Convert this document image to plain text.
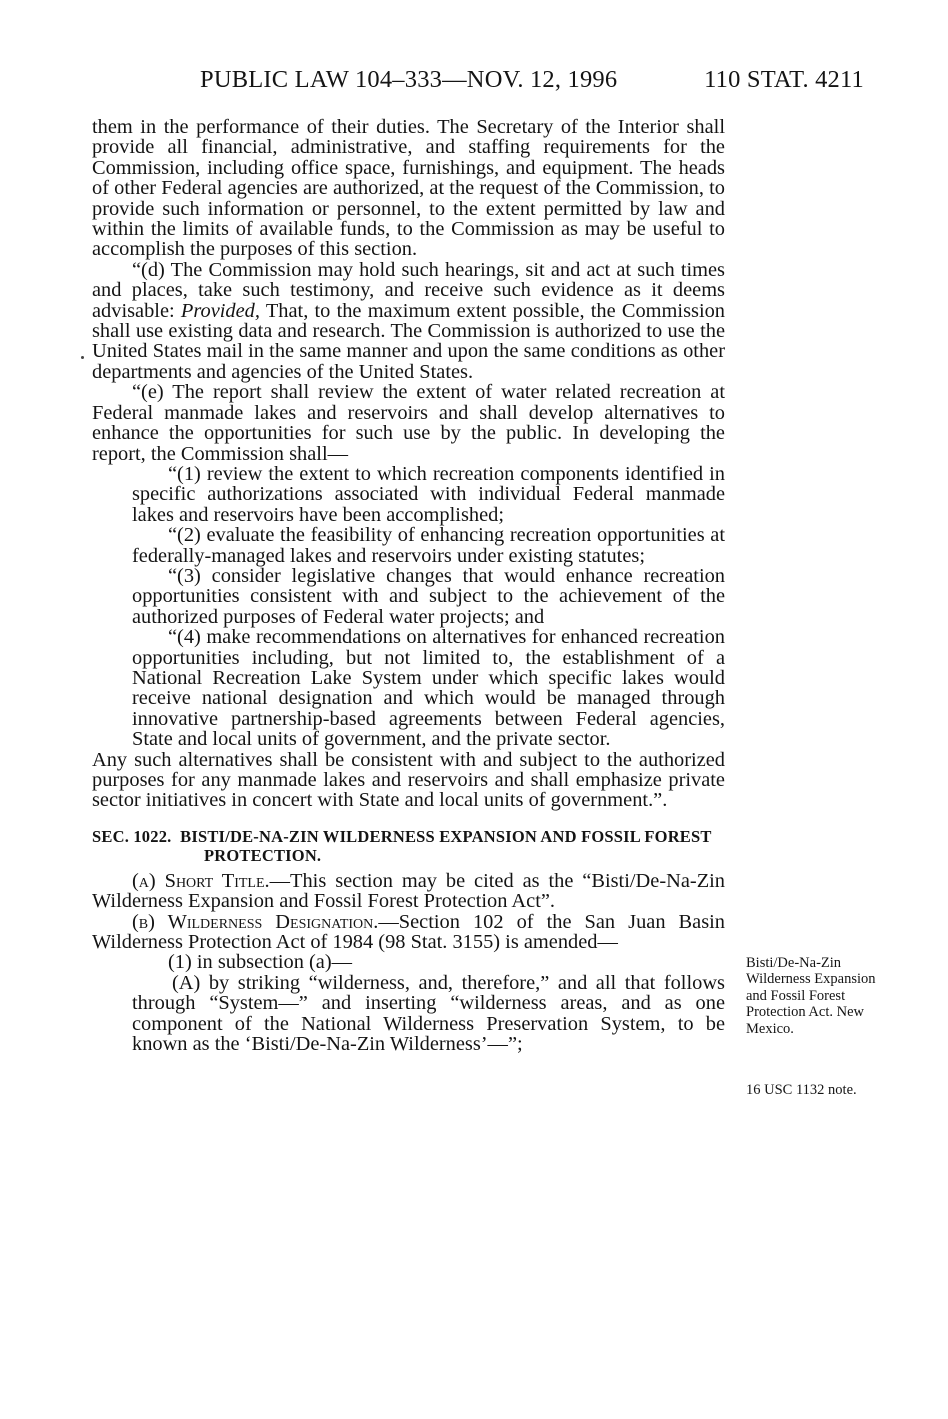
PUBLIC LAW 104–333—NOV. 12, 1996	110 STAT. 4211

them in the performance of their duties. The Secretary of the Interior shall provide all financial, administrative, and staffing requirements for the Commission, including office space, furnishings, and equipment. The heads of other Federal agencies are authorized, at the request of the Commission, to provide such information or personnel, to the extent permitted by law and within the limits of available funds, to the Commission as may be useful to accomplish the purposes of this section.

“(d) The Commission may hold such hearings, sit and act at such times and places, take such testimony, and receive such evidence as it deems advisable: Provided, That, to the maximum extent possible, the Commission shall use existing data and research. The Commission is authorized to use the United States mail in the same manner and upon the same conditions as other departments and agencies of the United States.

“(e) The report shall review the extent of water related recreation at Federal manmade lakes and reservoirs and shall develop alternatives to enhance the opportunities for such use by the public. In developing the report, the Commission shall—

“(1) review the extent to which recreation components identified in specific authorizations associated with individual Federal manmade lakes and reservoirs have been accomplished;

“(2) evaluate the feasibility of enhancing recreation opportunities at federally-managed lakes and reservoirs under existing statutes;

“(3) consider legislative changes that would enhance recreation opportunities consistent with and subject to the achievement of the authorized purposes of Federal water projects; and

“(4) make recommendations on alternatives for enhanced recreation opportunities including, but not limited to, the establishment of a National Recreation Lake System under which specific lakes would receive national designation and which would be managed through innovative partnership-based agreements between Federal agencies, State and local units of government, and the private sector.

Any such alternatives shall be consistent with and subject to the authorized purposes for any manmade lakes and reservoirs and shall emphasize private sector initiatives in concert with State and local units of government.”.

SEC. 1022. BISTI/DE-NA-ZIN WILDERNESS EXPANSION AND FOSSIL FOREST PROTECTION.

(a) Short Title.—This section may be cited as the “Bisti/De-Na-Zin Wilderness Expansion and Fossil Forest Protection Act”.

(b) Wilderness Designation.—Section 102 of the San Juan Basin Wilderness Protection Act of 1984 (98 Stat. 3155) is amended—

(1) in subsection (a)—

(A) by striking “wilderness, and, therefore,” and all that follows through “System—” and inserting “wilderness areas, and as one component of the National Wilderness Preservation System, to be known as the ‘Bisti/De-Na-Zin Wilderness’—”;

Bisti/De-Na-Zin Wilderness Expansion and Fossil Forest Protection Act. New Mexico.
16 USC 1132 note.
